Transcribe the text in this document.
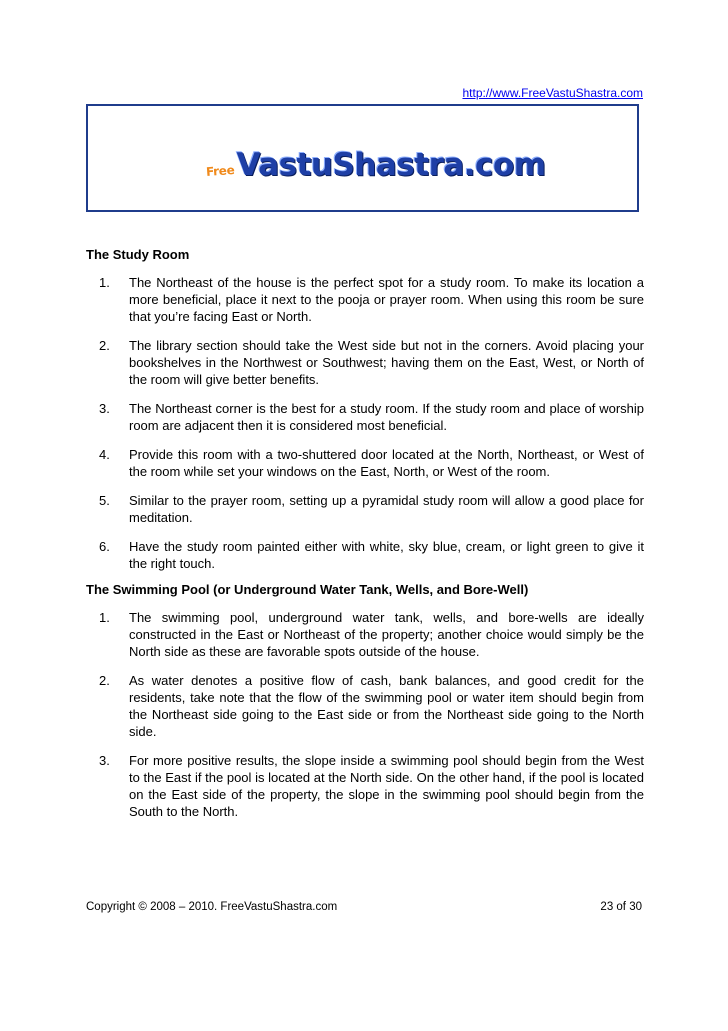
http://www.FreeVastuShastra.com
Free VastuShastra.com
The Study Room
1. The Northeast of the house is the perfect spot for a study room. To make its location a more beneficial, place it next to the pooja or prayer room. When using this room be sure that you’re facing East or North.
2. The library section should take the West side but not in the corners. Avoid placing your bookshelves in the Northwest or Southwest; having them on the East, West, or North of the room will give better benefits.
3. The Northeast corner is the best for a study room. If the study room and place of worship room are adjacent then it is considered most beneficial.
4. Provide this room with a two-shuttered door located at the North, Northeast, or West of the room while set your windows on the East, North, or West of the room.
5. Similar to the prayer room, setting up a pyramidal study room will allow a good place for meditation.
6. Have the study room painted either with white, sky blue, cream, or light green to give it the right touch.
The Swimming Pool (or Underground Water Tank, Wells, and Bore-Well)
1. The swimming pool, underground water tank, wells, and bore-wells are ideally constructed in the East or Northeast of the property; another choice would simply be the North side as these are favorable spots outside of the house.
2. As water denotes a positive flow of cash, bank balances, and good credit for the residents, take note that the flow of the swimming pool or water item should begin from the Northeast side going to the East side or from the Northeast side going to the North side.
3. For more positive results, the slope inside a swimming pool should begin from the West to the East if the pool is located at the North side. On the other hand, if the pool is located on the East side of the property, the slope in the swimming pool should begin from the South to the North.
Copyright © 2008 – 2010. FreeVastuShastra.com	23 of 30
